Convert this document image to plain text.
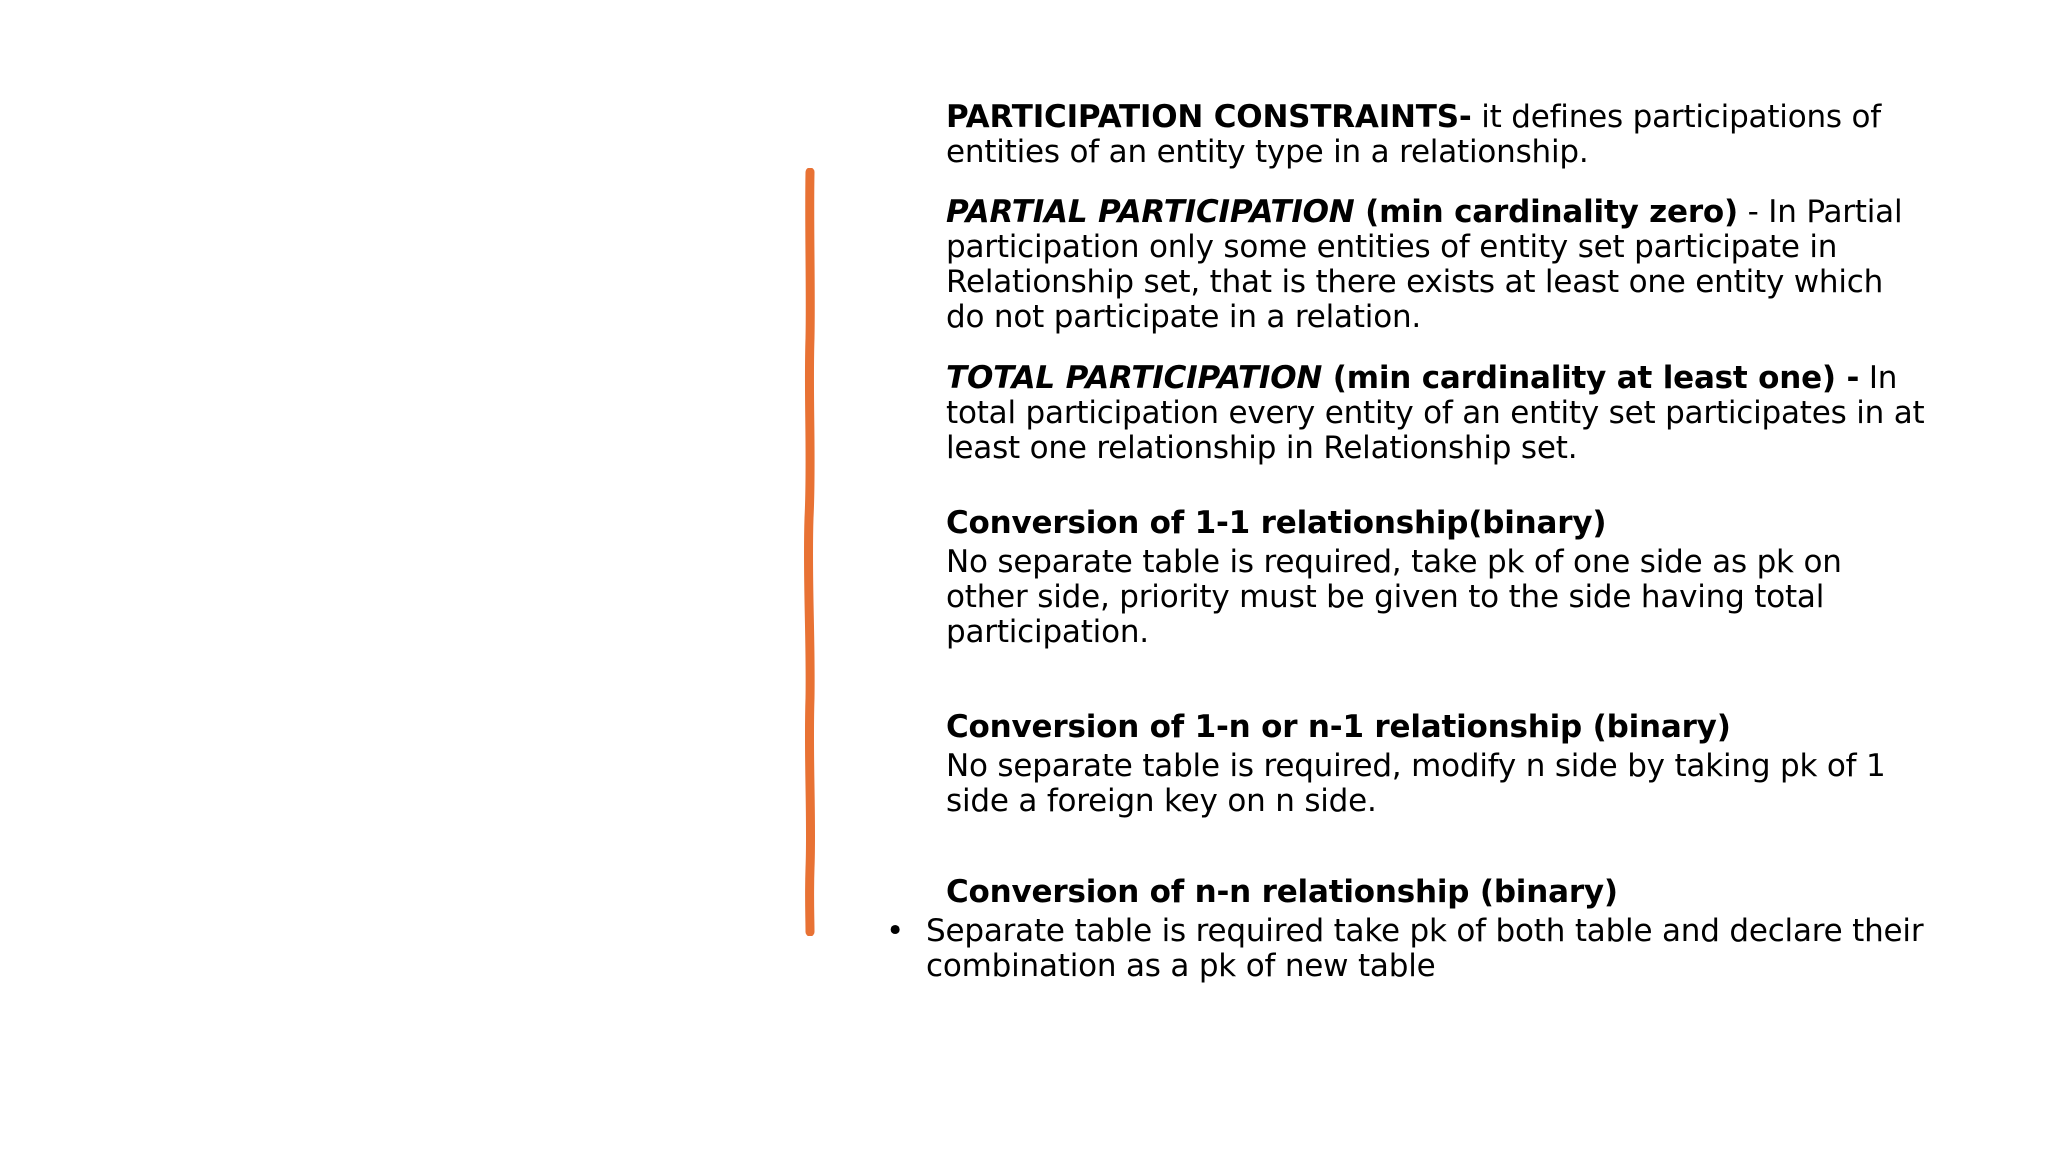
PARTICIPATION CONSTRAINTS- it defines participations of entities of an entity type in a relationship.

PARTIAL PARTICIPATION (min cardinality zero) - In Partial participation only some entities of entity set participate in Relationship set, that is there exists at least one entity which do not participate in a relation.

TOTAL PARTICIPATION (min cardinality at least one) - In total participation every entity of an entity set participates in at least one relationship in Relationship set.

Conversion of 1-1 relationship(binary)

No separate table is required, take pk of one side as pk on other side, priority must be given to the side having total participation.

Conversion of 1-n or n-1 relationship (binary)

No separate table is required, modify n side by taking pk of 1 side a foreign key on n side.

Conversion of n-n relationship (binary)

• Separate table is required take pk of both table and declare their combination as a pk of new table
